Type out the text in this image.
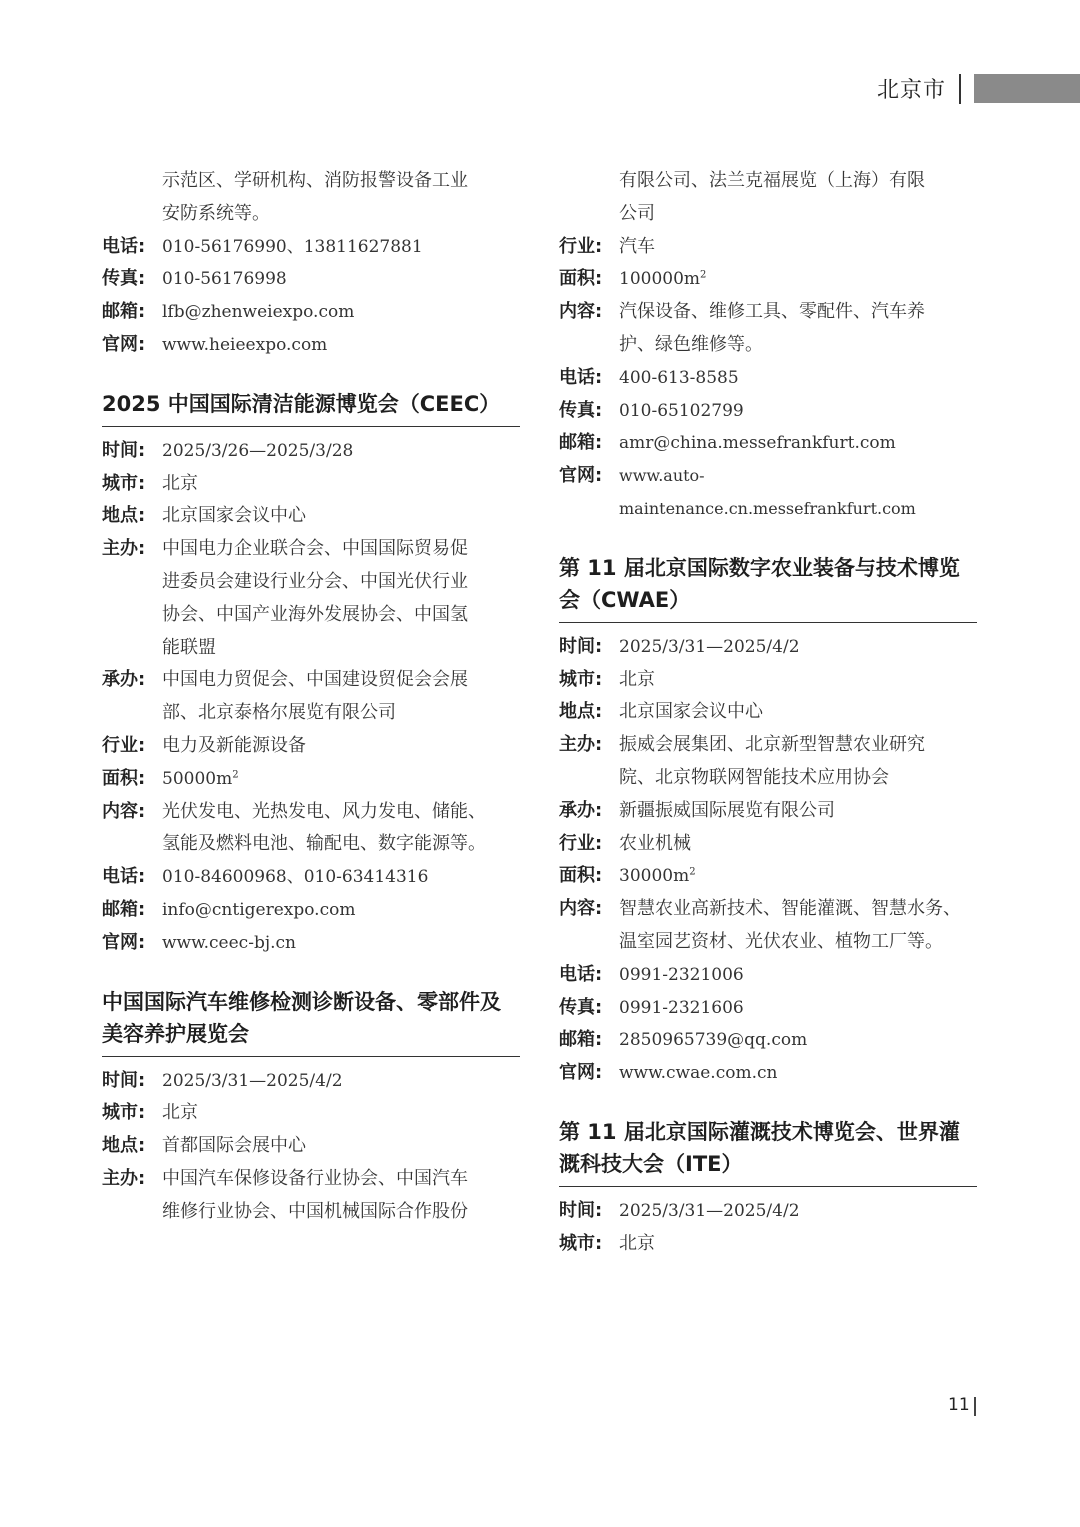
北京市
示范区、学研机构、消防报警设备工业
安防系统等。
电话: 010-56176990、13811627881
传真: 010-56176998
邮箱: lfb@zhenweiexpo.com
官网: www.heieexpo.com
2025 中国国际清洁能源博览会（CEEC）
时间: 2025/3/26—2025/3/28
城市: 北京
地点: 北京国家会议中心
主办: 中国电力企业联合会、中国国际贸易促
进委员会建设行业分会、中国光伏行业
协会、中国产业海外发展协会、中国氢
能联盟
承办: 中国电力贸促会、中国建设贸促会会展
部、北京泰格尔展览有限公司
行业: 电力及新能源设备
面积: $50000m^2$
内容: 光伏发电、光热发电、风力发电、储能、
氢能及燃料电池、输配电、数字能源等。
电话: 010-84600968、010-63414316
邮箱: info@cntigerexpo.com
官网: www.ceec-bj.cn
中国国际汽车维修检测诊断设备、零部件及
美容养护展览会
时间: 2025/3/31—2025/4/2
城市: 北京
地点: 首都国际会展中心
主办: 中国汽车保修设备行业协会、中国汽车
维修行业协会、中国机械国际合作股份
有限公司、法兰克福展览（上海）有限
公司
行业: 汽车
面积: $100000m^2$
内容: 汽保设备、维修工具、零配件、汽车养
护、绿色维修等。
电话: 400-613-8585
传真: 010-65102799
邮箱: amr@china.messefrankfurt.com
官网:	www.auto-maintenance.cn.messefrankfurt.com
第 11 届北京国际数字农业装备与技术博览
会（CWAE）
时间: 2025/3/31—2025/4/2
城市: 北京
地点: 北京国家会议中心
主办: 振威会展集团、北京新型智慧农业研究
院、北京物联网智能技术应用协会
承办: 新疆振威国际展览有限公司
行业: 农业机械
面积: $30000m^2$
内容: 智慧农业高新技术、智能灌溉、智慧水务、
温室园艺资材、光伏农业、植物工厂等。
电话: 0991-2321006
传真: 0991-2321606
邮箱: 2850965739@qq.com
官网: www.cwae.com.cn
第 11 届北京国际灌溉技术博览会、世界灌
溉科技大会（ITE）
时间: 2025/3/31—2025/4/2
城市: 北京
11
